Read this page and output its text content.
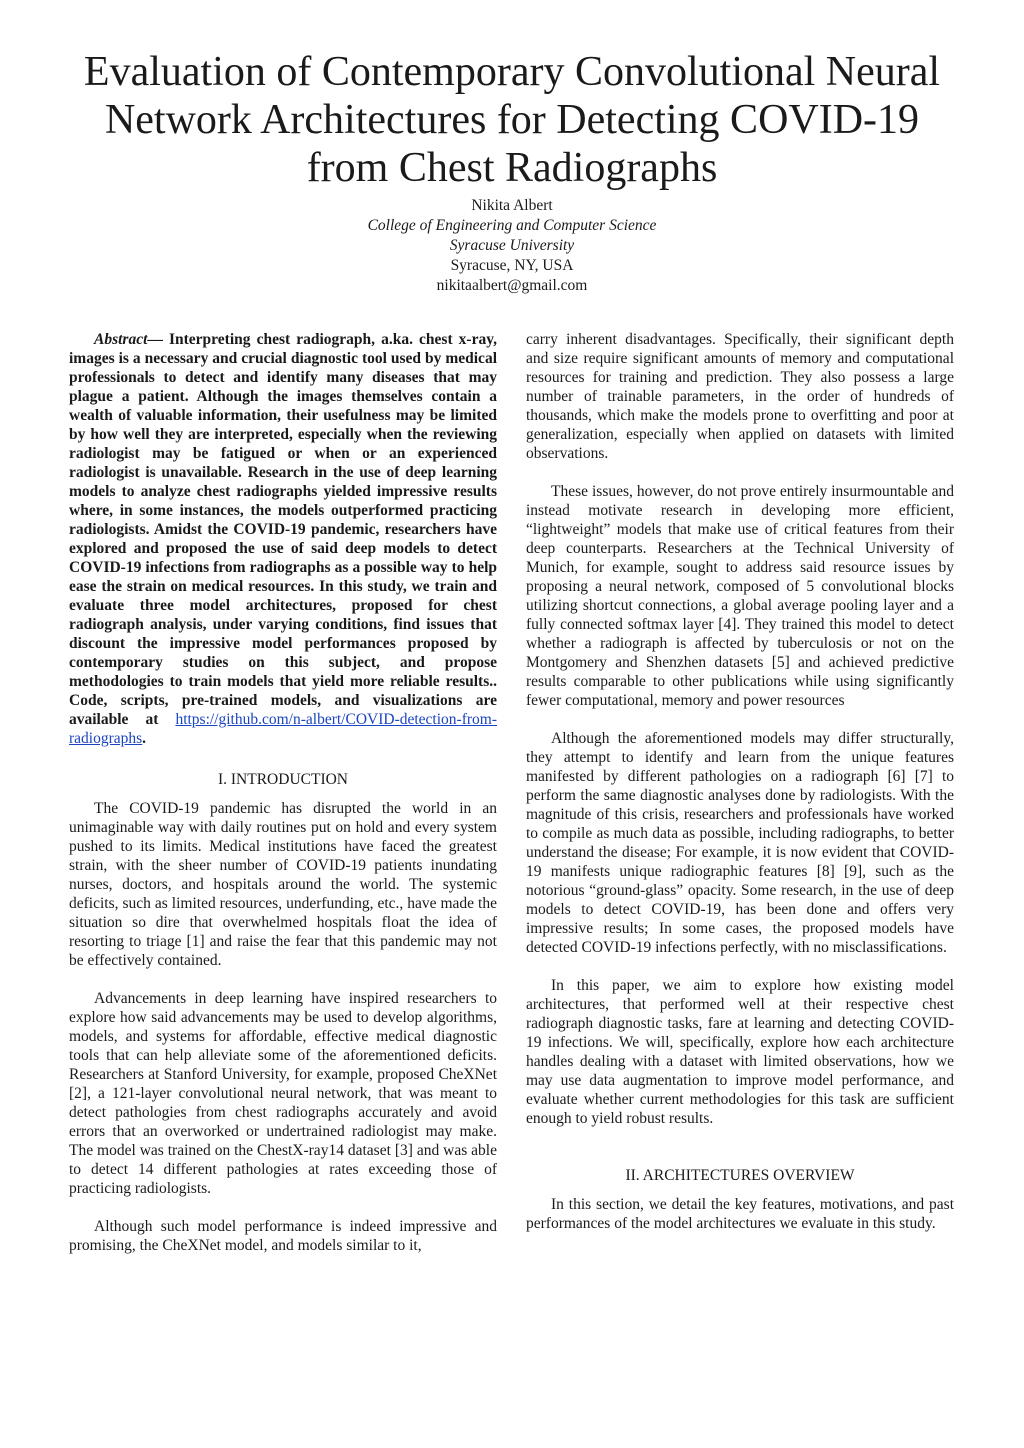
Evaluation of Contemporary Convolutional Neural
Network Architectures for Detecting COVID-19
from Chest Radiographs
Nikita Albert
College of Engineering and Computer Science
Syracuse University
Syracuse, NY, USA
nikitaalbert@gmail.com

Abstract— Interpreting chest radiograph, a.ka. chest x-ray, images is a necessary and crucial diagnostic tool used by medical professionals to detect and identify many diseases that may plague a patient. Although the images themselves contain a wealth of valuable information, their usefulness may be limited by how well they are interpreted, especially when the reviewing radiologist may be fatigued or when or an experienced radiologist is unavailable. Research in the use of deep learning models to analyze chest radiographs yielded impressive results where, in some instances, the models outperformed practicing radiologists. Amidst the COVID-19 pandemic, researchers have explored and proposed the use of said deep models to detect COVID-19 infections from radiographs as a possible way to help ease the strain on medical resources. In this study, we train and evaluate three model architectures, proposed for chest radiograph analysis, under varying conditions, find issues that discount the impressive model performances proposed by contemporary studies on this subject, and propose methodologies to train models that yield more reliable results.. Code, scripts, pre-trained models, and visualizations are available at https://github.com/n-albert/COVID-detection-from-radiographs.

I. INTRODUCTION

The COVID-19 pandemic has disrupted the world in an unimaginable way with daily routines put on hold and every system pushed to its limits. Medical institutions have faced the greatest strain, with the sheer number of COVID-19 patients inundating nurses, doctors, and hospitals around the world. The systemic deficits, such as limited resources, underfunding, etc., have made the situation so dire that overwhelmed hospitals float the idea of resorting to triage [1] and raise the fear that this pandemic may not be effectively contained.

Advancements in deep learning have inspired researchers to explore how said advancements may be used to develop algorithms, models, and systems for affordable, effective medical diagnostic tools that can help alleviate some of the aforementioned deficits. Researchers at Stanford University, for example, proposed CheXNet [2], a 121-layer convolutional neural network, that was meant to detect pathologies from chest radiographs accurately and avoid errors that an overworked or undertrained radiologist may make. The model was trained on the ChestX-ray14 dataset [3] and was able to detect 14 different pathologies at rates exceeding those of practicing radiologists.

Although such model performance is indeed impressive and promising, the CheXNet model, and models similar to it,

carry inherent disadvantages. Specifically, their significant depth and size require significant amounts of memory and computational resources for training and prediction. They also possess a large number of trainable parameters, in the order of hundreds of thousands, which make the models prone to overfitting and poor at generalization, especially when applied on datasets with limited observations.

These issues, however, do not prove entirely insurmountable and instead motivate research in developing more efficient, “lightweight” models that make use of critical features from their deep counterparts. Researchers at the Technical University of Munich, for example, sought to address said resource issues by proposing a neural network, composed of 5 convolutional blocks utilizing shortcut connections, a global average pooling layer and a fully connected softmax layer [4]. They trained this model to detect whether a radiograph is affected by tuberculosis or not on the Montgomery and Shenzhen datasets [5] and achieved predictive results comparable to other publications while using significantly fewer computational, memory and power resources

Although the aforementioned models may differ structurally, they attempt to identify and learn from the unique features manifested by different pathologies on a radiograph [6] [7] to perform the same diagnostic analyses done by radiologists. With the magnitude of this crisis, researchers and professionals have worked to compile as much data as possible, including radiographs, to better understand the disease; For example, it is now evident that COVID-19 manifests unique radiographic features [8] [9], such as the notorious “ground-glass” opacity. Some research, in the use of deep models to detect COVID-19, has been done and offers very impressive results; In some cases, the proposed models have detected COVID-19 infections perfectly, with no misclassifications.

In this paper, we aim to explore how existing model architectures, that performed well at their respective chest radiograph diagnostic tasks, fare at learning and detecting COVID-19 infections. We will, specifically, explore how each architecture handles dealing with a dataset with limited observations, how we may use data augmentation to improve model performance, and evaluate whether current methodologies for this task are sufficient enough to yield robust results.

II. ARCHITECTURES OVERVIEW

In this section, we detail the key features, motivations, and past performances of the model architectures we evaluate in this study.
